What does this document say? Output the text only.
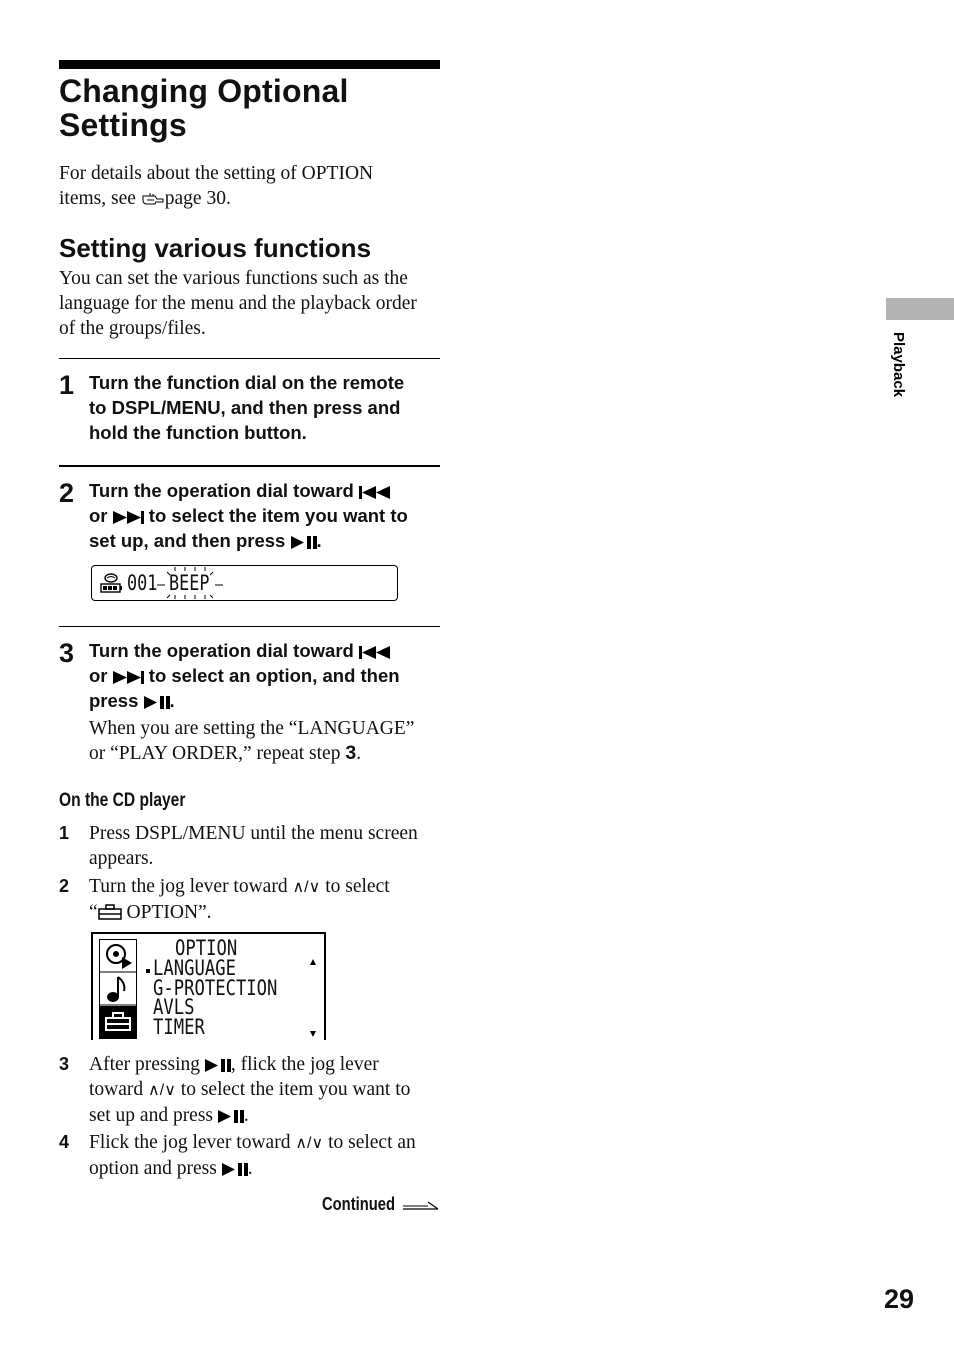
Changing Optional
Settings
For details about the setting of OPTION
items, see page 30.
Setting various functions
You can set the various functions such as the
language for the menu and the playback order
of the groups/files.
1 Turn the function dial on the remote
to DSPL/MENU, and then press and
hold the function button.
2 Turn the operation dial toward
or to select the item you want to
set up, and then press .
001 BEEP
3 Turn the operation dial toward
or to select an option, and then
press .
When you are setting the “LANGUAGE”
or “PLAY ORDER,” repeat step 3.
On the CD player
1 Press DSPL/MENU until the menu screen
appears.
2 Turn the jog lever toward ∧/∨ to select
“ OPTION”.
OPTION
LANGUAGE
G-PROTECTION
AVLS
TIMER
3 After pressing , flick the jog lever
toward ∧/∨ to select the item you want to
set up and press .
4 Flick the jog lever toward ∧/∨ to select an
option and press .
Continued
Playback
29
